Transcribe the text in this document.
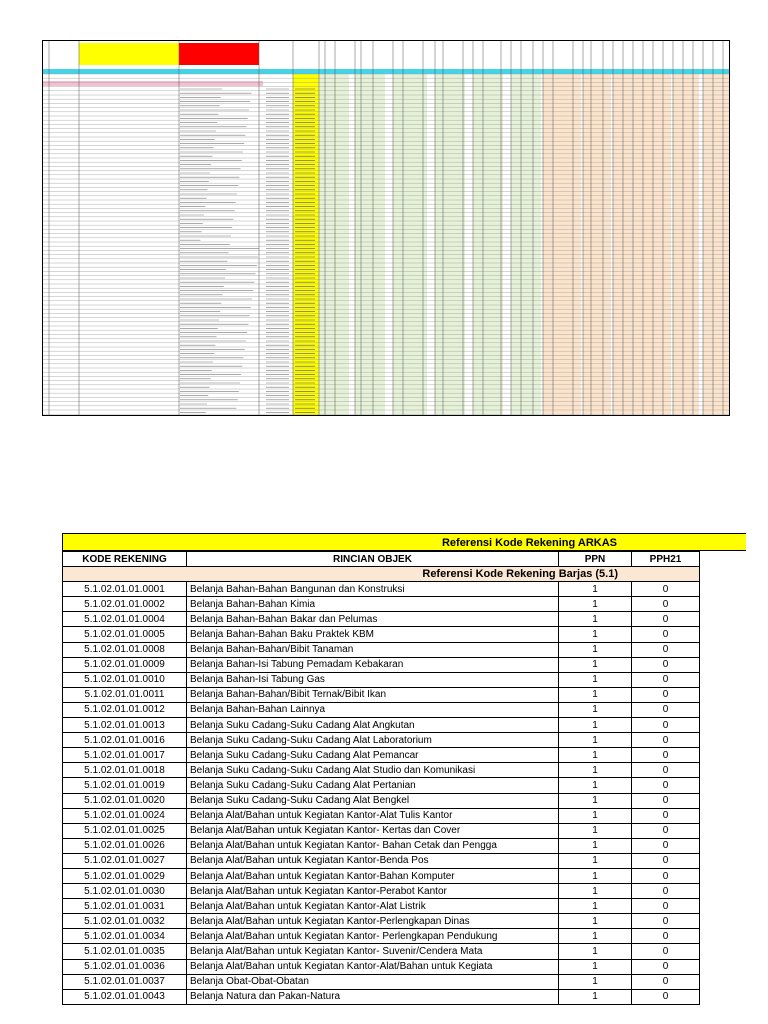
Referensi Kode Rekening ARKAS
KODE REKENING	RINCIAN OBJEK	PPN	PPH21

Referensi Kode Rekening Barjas (5.1)			

5.1.02.01.01.0001	Belanja Bahan-Bahan Bangunan dan Konstruksi	1	0
5.1.02.01.01.0002	Belanja Bahan-Bahan Kimia	1	0
5.1.02.01.01.0004	Belanja Bahan-Bahan Bakar dan Pelumas	1	0
5.1.02.01.01.0005	Belanja Bahan-Bahan Baku Praktek KBM	1	0
5.1.02.01.01.0008	Belanja Bahan-Bahan/Bibit Tanaman	1	0
5.1.02.01.01.0009	Belanja Bahan-Isi Tabung Pemadam Kebakaran	1	0
5.1.02.01.01.0010	Belanja Bahan-Isi Tabung Gas	1	0
5.1.02.01.01.0011	Belanja Bahan-Bahan/Bibit Ternak/Bibit Ikan	1	0
5.1.02.01.01.0012	Belanja Bahan-Bahan Lainnya	1	0
5.1.02.01.01.0013	Belanja Suku Cadang-Suku Cadang Alat Angkutan	1	0
5.1.02.01.01.0016	Belanja Suku Cadang-Suku Cadang Alat Laboratorium	1	0
5.1.02.01.01.0017	Belanja Suku Cadang-Suku Cadang Alat Pemancar	1	0
5.1.02.01.01.0018	Belanja Suku Cadang-Suku Cadang Alat Studio dan Komunikasi	1	0
5.1.02.01.01.0019	Belanja Suku Cadang-Suku Cadang Alat Pertanian	1	0
5.1.02.01.01.0020	Belanja Suku Cadang-Suku Cadang Alat Bengkel	1	0
5.1.02.01.01.0024	Belanja Alat/Bahan untuk Kegiatan Kantor-Alat Tulis Kantor	1	0
5.1.02.01.01.0025	Belanja Alat/Bahan untuk Kegiatan Kantor- Kertas dan Cover	1	0
5.1.02.01.01.0026	Belanja Alat/Bahan untuk Kegiatan Kantor- Bahan Cetak dan Pengga	1	0
5.1.02.01.01.0027	Belanja Alat/Bahan untuk Kegiatan Kantor-Benda Pos	1	0
5.1.02.01.01.0029	Belanja Alat/Bahan untuk Kegiatan Kantor-Bahan Komputer	1	0
5.1.02.01.01.0030	Belanja Alat/Bahan untuk Kegiatan Kantor-Perabot Kantor	1	0
5.1.02.01.01.0031	Belanja Alat/Bahan untuk Kegiatan Kantor-Alat Listrik	1	0
5.1.02.01.01.0032	Belanja Alat/Bahan untuk Kegiatan Kantor-Perlengkapan Dinas	1	0
5.1.02.01.01.0034	Belanja Alat/Bahan untuk Kegiatan Kantor- Perlengkapan Pendukung	1	0
5.1.02.01.01.0035	Belanja Alat/Bahan untuk Kegiatan Kantor- Suvenir/Cendera Mata	1	0
5.1.02.01.01.0036	Belanja Alat/Bahan untuk Kegiatan Kantor-Alat/Bahan untuk Kegiata	1	0
5.1.02.01.01.0037	Belanja Obat-Obat-Obatan	1	0
5.1.02.01.01.0043	Belanja Natura dan Pakan-Natura	1	0
